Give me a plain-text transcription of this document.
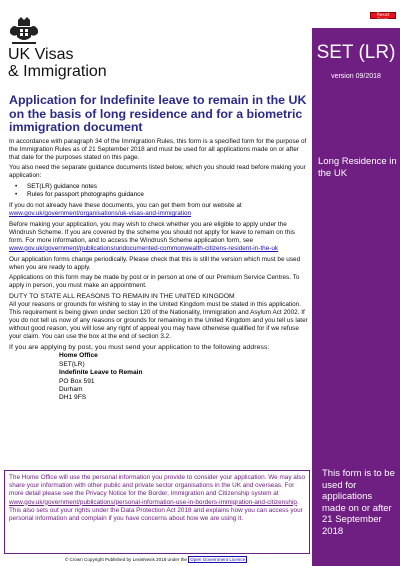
Reset Form
UK Visas
& Immigration
SET (LR)
version 09/2018
Long Residence in the UK
This form is to be used for applications made on or after 21 September 2018
Application for Indefinite leave to remain in the UK on the basis of long residence and for a biometric immigration document

In accordance with paragraph 34 of the Immigration Rules, this form is a specified form for the purpose of the Immigration Rules as of 21 September 2018 and must be used for all applications made on or after that date for the purposes stated on this page.

You also need the separate guidance documents listed below, which you should read before making your application:

• SET(LR) guidance notes
• Rules for passport photographs guidance

If you do not already have these documents, you can get them from our website at www.gov.uk/government/organisations/uk-visas-and-immigration

Before making your application, you may wish to check whether you are eligible to apply under the Windrush Scheme. If you are covered by the scheme you should not apply for leave to remain on this form. For more information, and to access the Windrush Scheme application form, see www.gov.uk/government/publications/undocumented-commonwealth-citizens-resident-in-the-uk

Our application forms change periodically. Please check that this is still the version which must be used when you are ready to apply.

Applications on this form may be made by post or in person at one of our Premium Service Centres. To apply in person, you must make an appointment.

DUTY TO STATE ALL REASONS TO REMAIN IN THE UNITED KINGDOM

All your reasons or grounds for wishing to stay in the United Kingdom must be stated in this application. This requirement is being given under section 120 of the Nationality, Immigration and Asylum Act 2002. If you do not tell us now of any reasons or grounds for remaining in the United Kingdom and you tell us later without good reason, you will lose any right of appeal you may have otherwise qualified for if we refuse your claim. You can use the box at the end of section 3.2.

If you are applying by post, you must send your application to the following address:

Home Office
SET(LR)
Indefinite Leave to Remain
PO Box 591
Durham
DH1 9FS
The Home Office will use the personal information you provide to consider your application. We may also share your information with other public and private sector organisations in the UK and overseas. For more detail please see the Privacy Notice for the Border, Immigration and Citizenship system at www.gov.uk/government/publications/personal-information-use-in-borders-immigration-and-citizenship. This also sets out your rights under the Data Protection Act 2018 and explains how you can access your personal information and complain if you have concerns about how we are using it.
© Crown Copyright Published by LexisNexis 2018 under the Open Government Licence
